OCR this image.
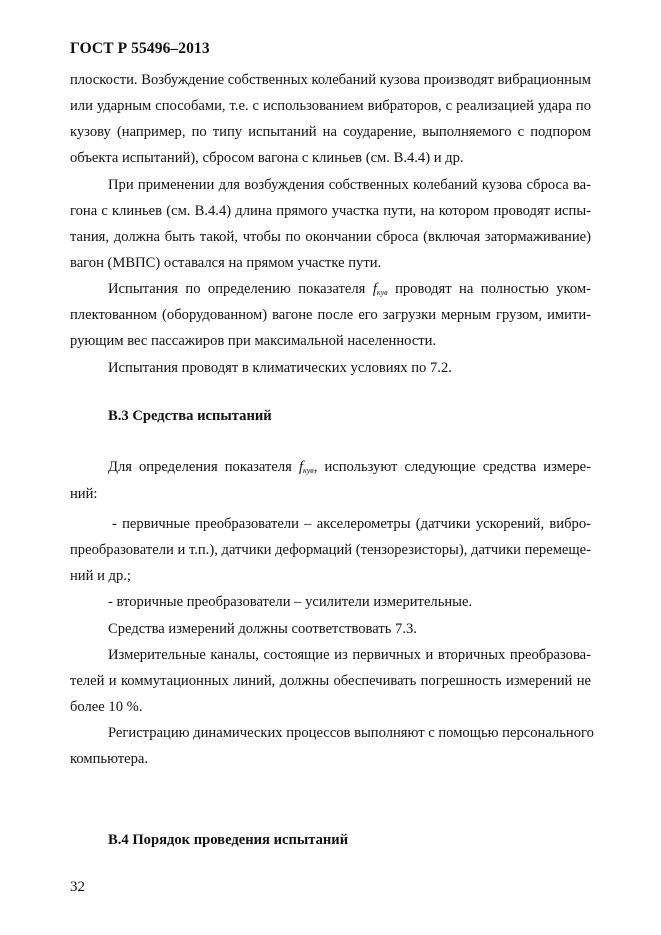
ГОСТ Р 55496–2013
плоскости. Возбуждение собственных колебаний кузова производят вибрационным
или ударным способами, т.е. с использованием вибраторов, с реализацией удара по
кузову (например, по типу испытаний на соударение, выполняемого с подпором
объекта испытаний), сбросом вагона с клиньев (см. В.4.4) и др.
При применении для возбуждения собственных колебаний кузова сброса ва-
гона с клиньев (см. В.4.4) длина прямого участка пути, на котором проводят испы-
тания, должна быть такой, чтобы по окончании сброса (включая затормаживание)
вагон (МВПС) оставался на прямом участке пути.
Испытания по определению показателя $f_{кув}$ проводят на полностью уком-
плектованном (оборудованном) вагоне после его загрузки мерным грузом, имити-
рующим вес пассажиров при максимальной населенности.
Испытания проводят в климатических условиях по 7.2.
В.3 Средства испытаний
Для определения показателя $f_{кув}$, используют следующие средства измере-
ний:
- первичные преобразователи – акселерометры (датчики ускорений, вибро-
преобразователи и т.п.), датчики деформаций (тензорезисторы), датчики перемеще-
ний и др.;
- вторичные преобразователи – усилители измерительные.
Средства измерений должны соответствовать 7.3.
Измерительные каналы, состоящие из первичных и вторичных преобразова-
телей и коммутационных линий, должны обеспечивать погрешность измерений не
более 10 %.
Регистрацию динамических процессов выполняют с помощью персонального
компьютера.
В.4 Порядок проведения испытаний
32
